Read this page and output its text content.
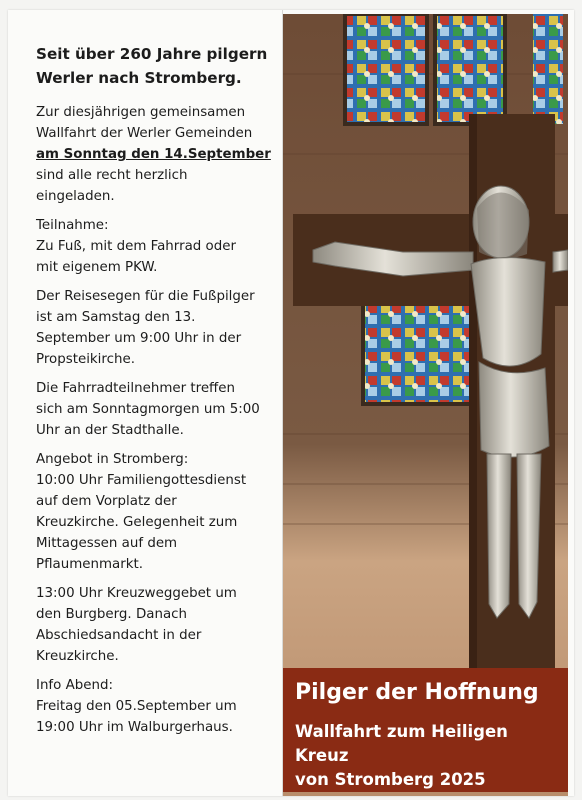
Seit über 260 Jahre pilgern
Werler nach Stromberg.
Zur diesjährigen gemeinsamen
Wallfahrt der Werler Gemeinden
am Sonntag den 14.September
sind alle recht herzlich
eingeladen.
Teilnahme:
Zu Fuß, mit dem Fahrrad oder
mit eigenem PKW.
Der Reisesegen für die Fußpilger
ist am Samstag den 13.
September um 9:00 Uhr in der
Propsteikirche.
Die Fahrradteilnehmer treffen
sich am Sonntagmorgen um 5:00
Uhr an der Stadthalle.
Angebot in Stromberg:
10:00 Uhr Familiengottesdienst
auf dem Vorplatz der
Kreuzkirche. Gelegenheit zum
Mittagessen auf dem
Pflaumenmarkt.
13:00 Uhr Kreuzweggebet um
den Burgberg. Danach
Abschiedsandacht in der
Kreuzkirche.
Info Abend:
Freitag den 05.September um
19:00 Uhr im Walburgerhaus.
Pilger der Hoffnung
Wallfahrt zum Heiligen Kreuz
von Stromberg 2025
